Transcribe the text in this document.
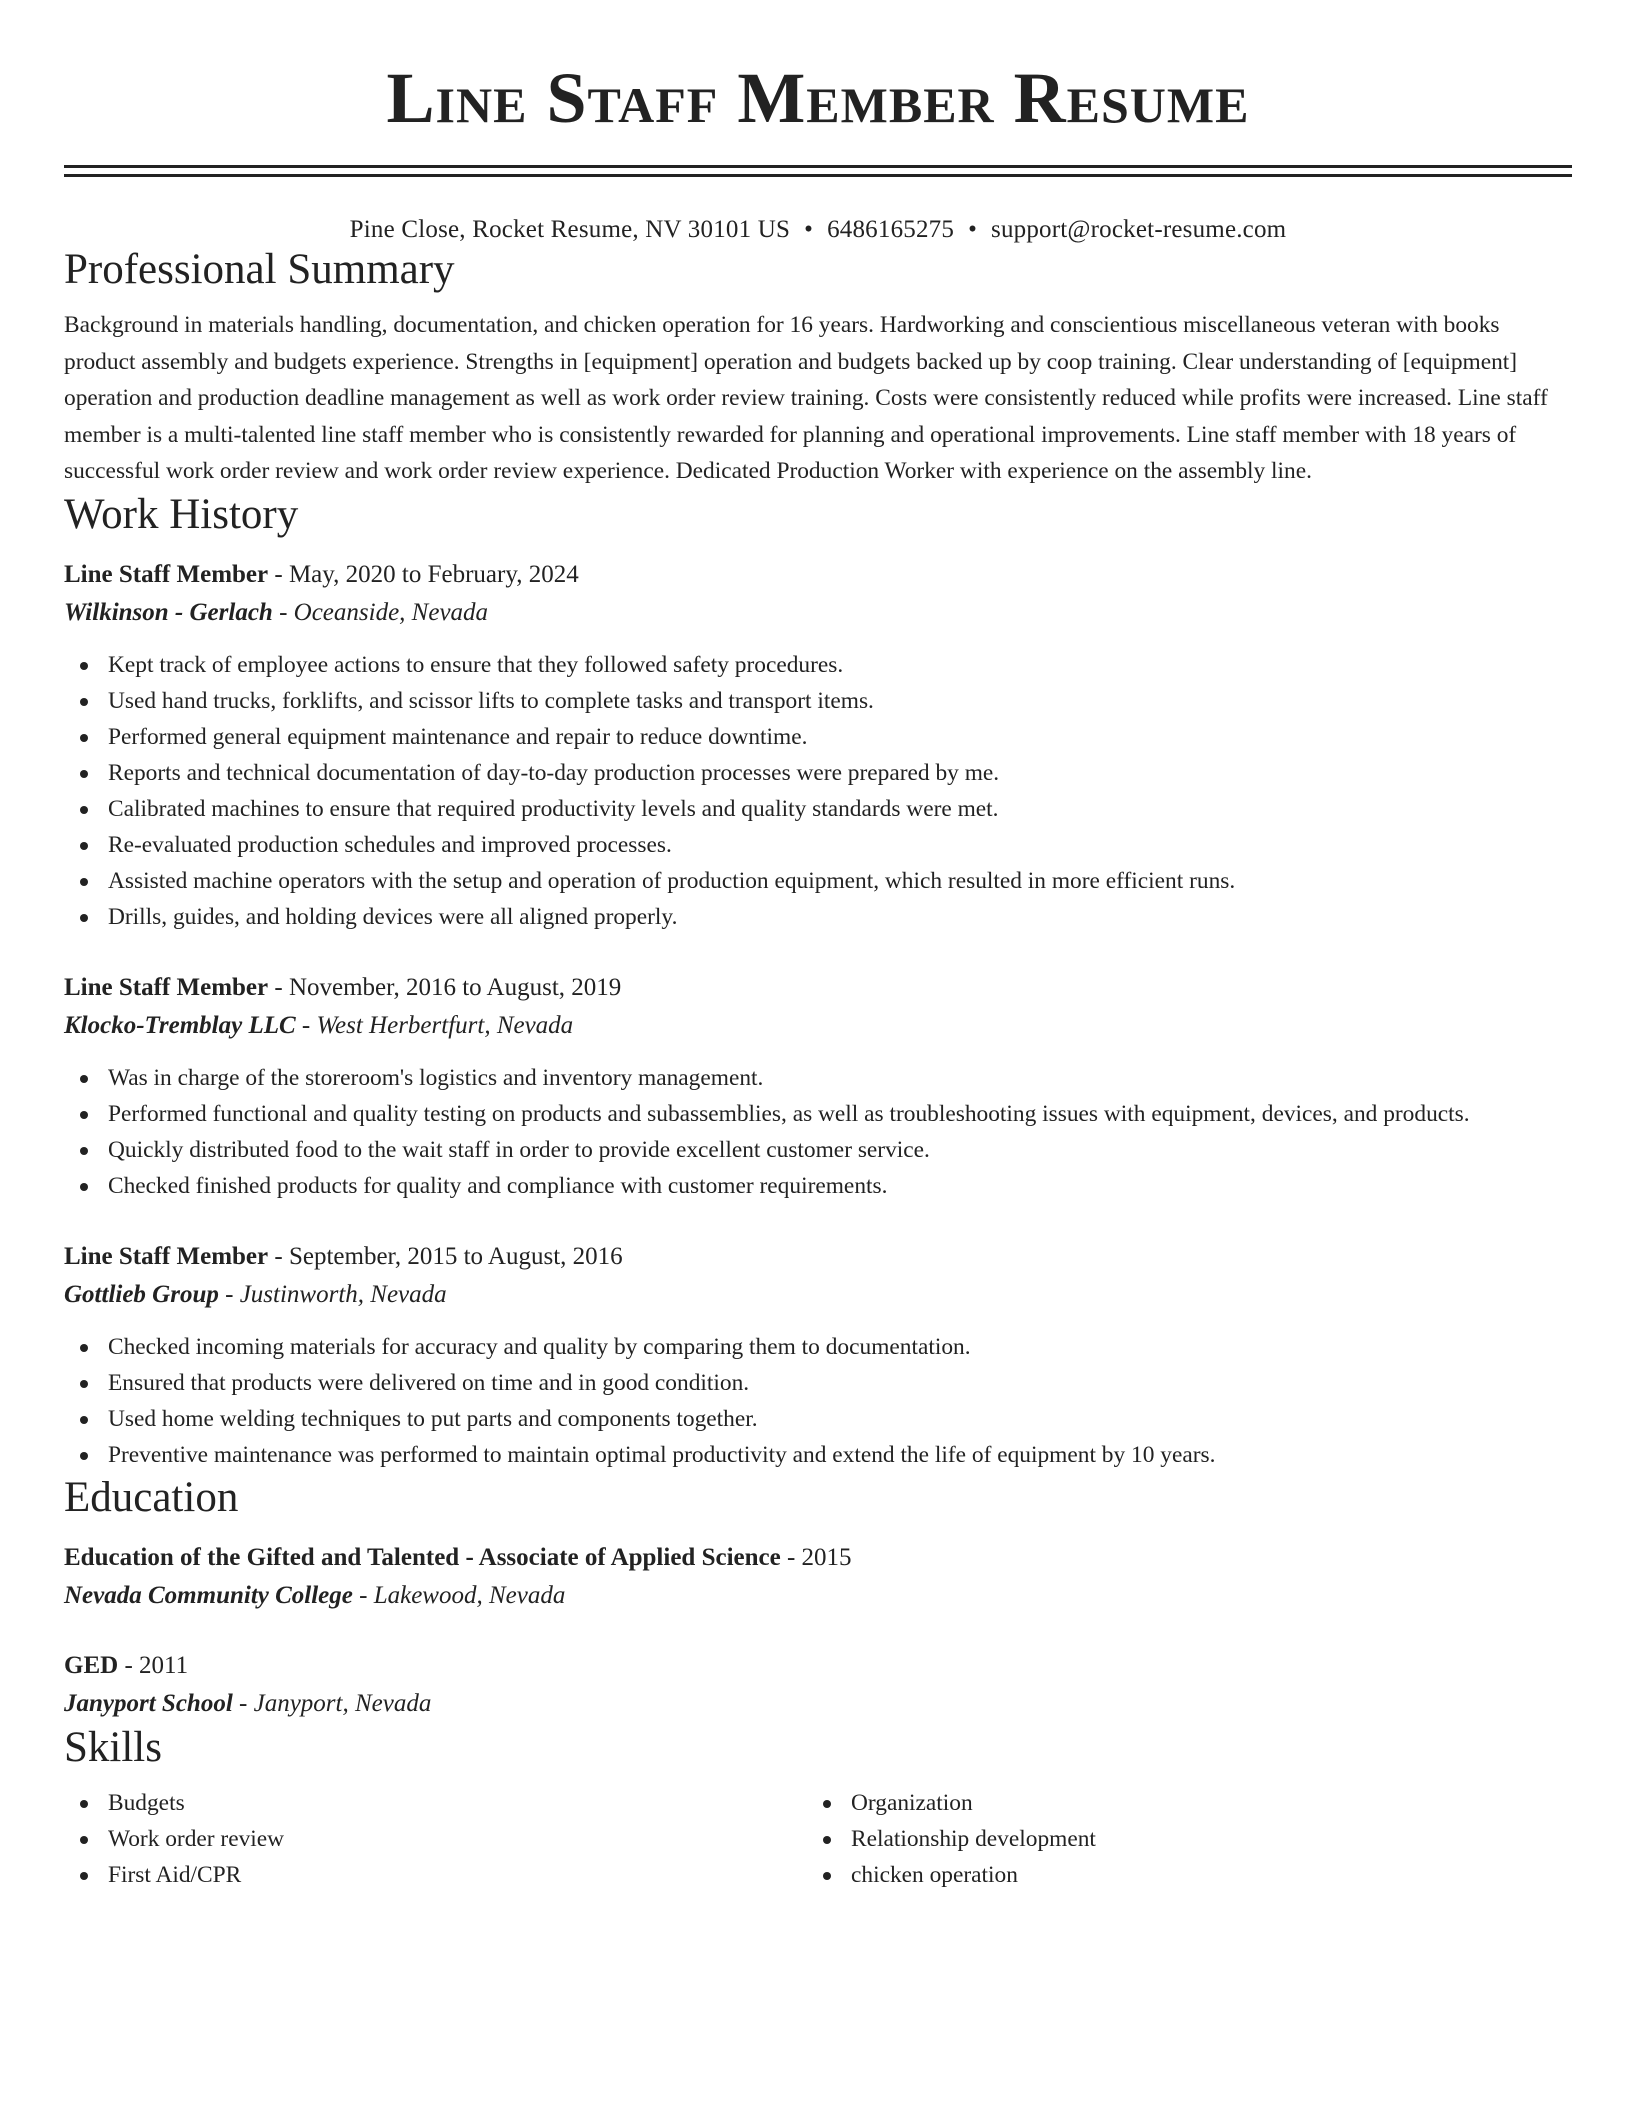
Line Staff Member Resume
Pine Close, Rocket Resume, NV 30101 US • 6486165275 • support@rocket-resume.com
Professional Summary
Background in materials handling, documentation, and chicken operation for 16 years. Hardworking and conscientious miscellaneous veteran with books product assembly and budgets experience. Strengths in [equipment] operation and budgets backed up by coop training. Clear understanding of [equipment] operation and production deadline management as well as work order review training. Costs were consistently reduced while profits were increased. Line staff member is a multi-talented line staff member who is consistently rewarded for planning and operational improvements. Line staff member with 18 years of successful work order review and work order review experience. Dedicated Production Worker with experience on the assembly line.
Work History
Line Staff Member - May, 2020 to February, 2024
Wilkinson - Gerlach - Oceanside, Nevada
Kept track of employee actions to ensure that they followed safety procedures.
Used hand trucks, forklifts, and scissor lifts to complete tasks and transport items.
Performed general equipment maintenance and repair to reduce downtime.
Reports and technical documentation of day-to-day production processes were prepared by me.
Calibrated machines to ensure that required productivity levels and quality standards were met.
Re-evaluated production schedules and improved processes.
Assisted machine operators with the setup and operation of production equipment, which resulted in more efficient runs.
Drills, guides, and holding devices were all aligned properly.
Line Staff Member - November, 2016 to August, 2019
Klocko-Tremblay LLC - West Herbertfurt, Nevada
Was in charge of the storeroom's logistics and inventory management.
Performed functional and quality testing on products and subassemblies, as well as troubleshooting issues with equipment, devices, and products.
Quickly distributed food to the wait staff in order to provide excellent customer service.
Checked finished products for quality and compliance with customer requirements.
Line Staff Member - September, 2015 to August, 2016
Gottlieb Group - Justinworth, Nevada
Checked incoming materials for accuracy and quality by comparing them to documentation.
Ensured that products were delivered on time and in good condition.
Used home welding techniques to put parts and components together.
Preventive maintenance was performed to maintain optimal productivity and extend the life of equipment by 10 years.
Education
Education of the Gifted and Talented - Associate of Applied Science - 2015
Nevada Community College - Lakewood, Nevada
GED - 2011
Janyport School - Janyport, Nevada
Skills
Budgets
Work order review
First Aid/CPR
Organization
Relationship development
chicken operation
